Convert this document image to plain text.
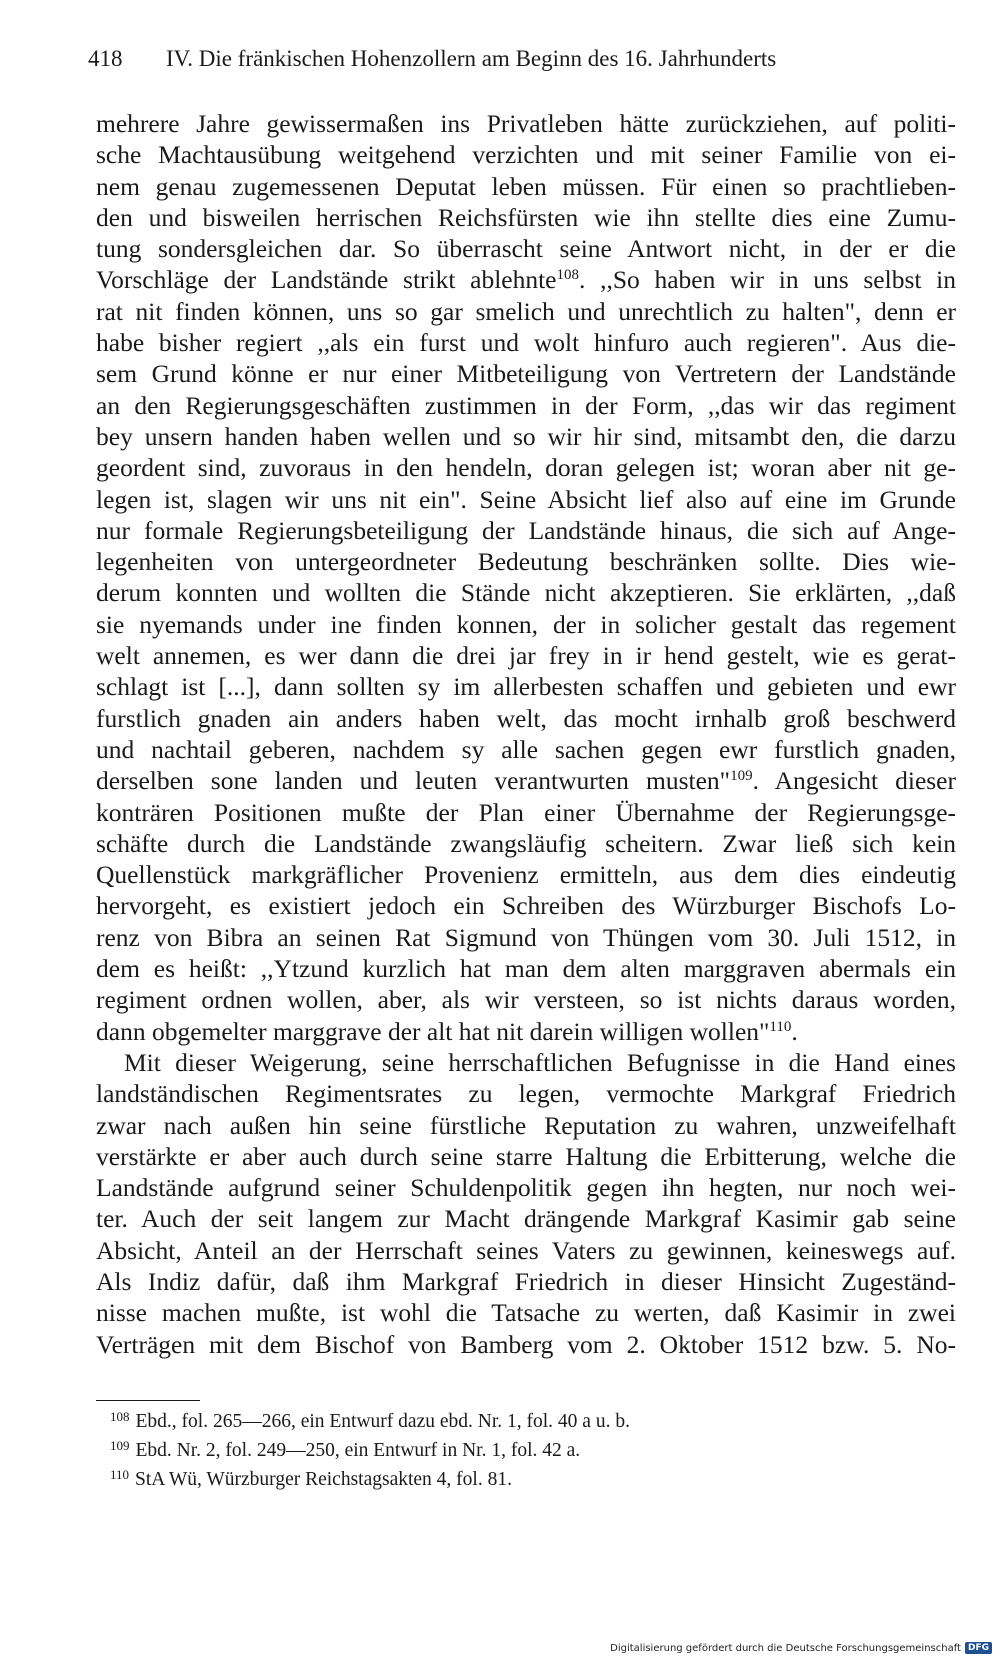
418 IV. Die fränkischen Hohenzollern am Beginn des 16. Jahrhunderts
mehrere Jahre gewissermaßen ins Privatleben hätte zurückziehen, auf politi-
sche Machtausübung weitgehend verzichten und mit seiner Familie von ei-
nem genau zugemessenen Deputat leben müssen. Für einen so prachtlieben-
den und bisweilen herrischen Reichsfürsten wie ihn stellte dies eine Zumu-
tung sondersgleichen dar. So überrascht seine Antwort nicht, in der er die
Vorschläge der Landstände strikt ablehnte$^{108}$. ,,So haben wir in uns selbst in
rat nit finden können, uns so gar smelich und unrechtlich zu halten", denn er
habe bisher regiert ,,als ein furst und wolt hinfuro auch regieren". Aus die-
sem Grund könne er nur einer Mitbeteiligung von Vertretern der Landstände
an den Regierungsgeschäften zustimmen in der Form, ,,das wir das regiment
bey unsern handen haben wellen und so wir hir sind, mitsambt den, die darzu
geordent sind, zuvoraus in den hendeln, doran gelegen ist; woran aber nit ge-
legen ist, slagen wir uns nit ein". Seine Absicht lief also auf eine im Grunde
nur formale Regierungsbeteiligung der Landstände hinaus, die sich auf Ange-
legenheiten von untergeordneter Bedeutung beschränken sollte. Dies wie-
derum konnten und wollten die Stände nicht akzeptieren. Sie erklärten, ,,daß
sie nyemands under ine finden konnen, der in solicher gestalt das regement
welt annemen, es wer dann die drei jar frey in ir hend gestelt, wie es gerat-
schlagt ist [...], dann sollten sy im allerbesten schaffen und gebieten und ewr
furstlich gnaden ain anders haben welt, das mocht irnhalb groß beschwerd
und nachtail geberen, nachdem sy alle sachen gegen ewr furstlich gnaden,
derselben sone landen und leuten verantwurten musten"$^{109}$. Angesicht dieser
konträren Positionen mußte der Plan einer Übernahme der Regierungsge-
schäfte durch die Landstände zwangsläufig scheitern. Zwar ließ sich kein
Quellenstück markgräflicher Provenienz ermitteln, aus dem dies eindeutig
hervorgeht, es existiert jedoch ein Schreiben des Würzburger Bischofs Lo-
renz von Bibra an seinen Rat Sigmund von Thüngen vom 30. Juli 1512, in
dem es heißt: ,,Ytzund kurzlich hat man dem alten marggraven abermals ein
regiment ordnen wollen, aber, als wir versteen, so ist nichts daraus worden,
dann obgemelter marggrave der alt hat nit darein willigen wollen"$^{110}$.
Mit dieser Weigerung, seine herrschaftlichen Befugnisse in die Hand eines
landständischen Regimentsrates zu legen, vermochte Markgraf Friedrich
zwar nach außen hin seine fürstliche Reputation zu wahren, unzweifelhaft
verstärkte er aber auch durch seine starre Haltung die Erbitterung, welche die
Landstände aufgrund seiner Schuldenpolitik gegen ihn hegten, nur noch wei-
ter. Auch der seit langem zur Macht drängende Markgraf Kasimir gab seine
Absicht, Anteil an der Herrschaft seines Vaters zu gewinnen, keineswegs auf.
Als Indiz dafür, daß ihm Markgraf Friedrich in dieser Hinsicht Zugeständ-
nisse machen mußte, ist wohl die Tatsache zu werten, daß Kasimir in zwei
Verträgen mit dem Bischof von Bamberg vom 2. Oktober 1512 bzw. 5. No-
$^{108}$ Ebd., fol. 265—266, ein Entwurf dazu ebd. Nr. 1, fol. 40 a u. b.
$^{109}$ Ebd. Nr. 2, fol. 249—250, ein Entwurf in Nr. 1, fol. 42 a.
$^{110}$ StA Wü, Würzburger Reichstagsakten 4, fol. 81.
Digitalisierung gefördert durch die Deutsche Forschungsgemeinschaft DFG
